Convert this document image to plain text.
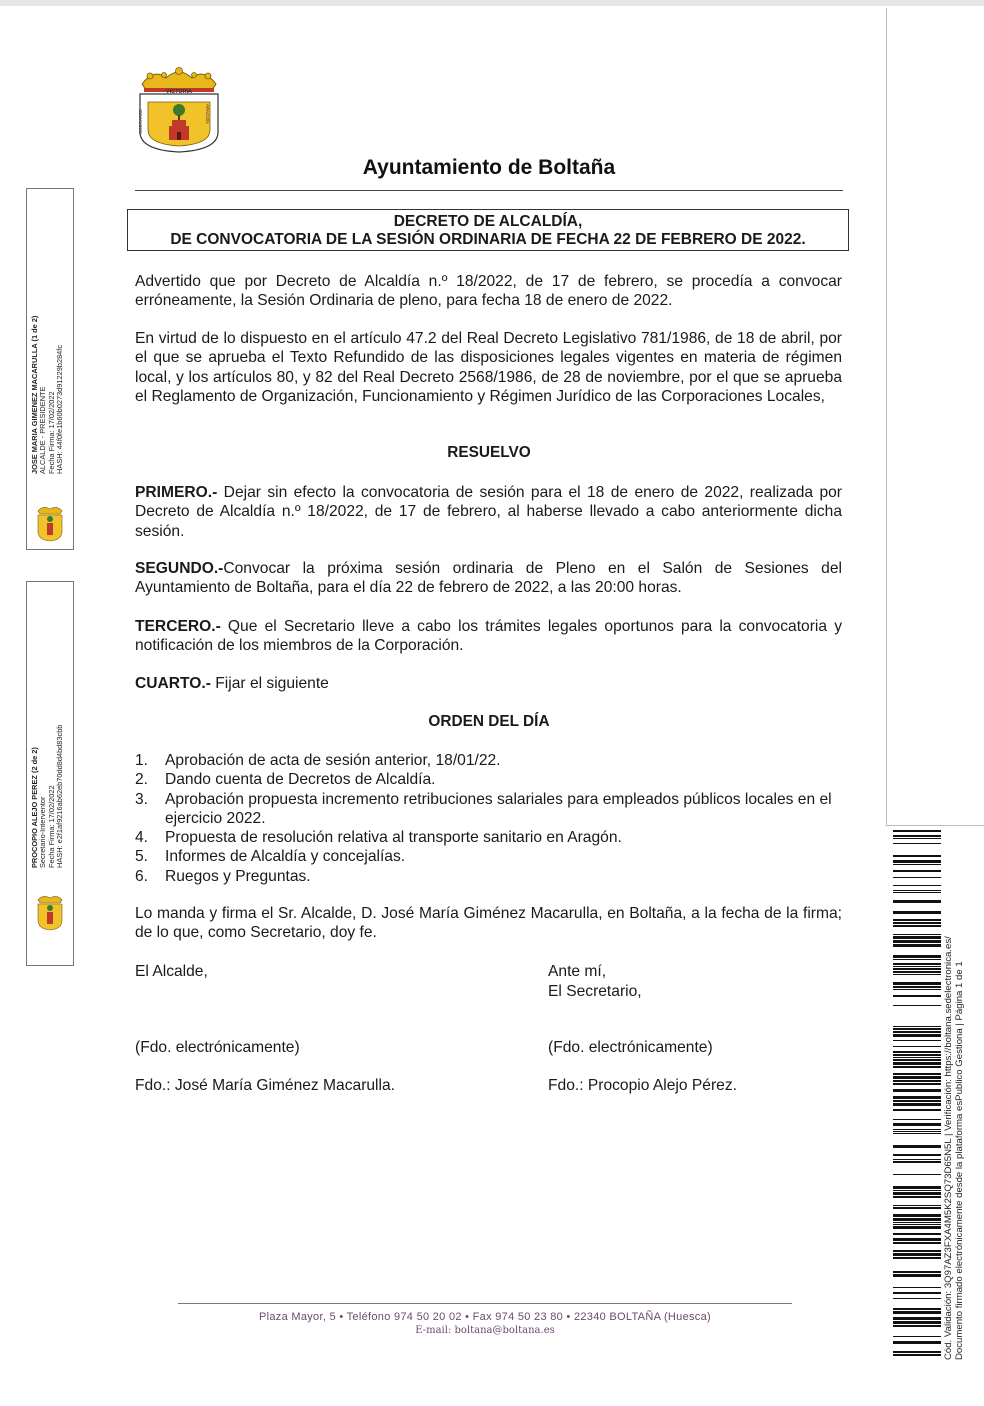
VICTORIA
SOBRARBE	ARAGON
Ayuntamiento de Boltaña
DECRETO DE ALCALDÍA,
DE CONVOCATORIA DE LA SESIÓN ORDINARIA DE FECHA 22 DE FEBRERO DE 2022.
Advertido que por Decreto de Alcaldía n.º 18/2022, de 17 de febrero, se procedía a convocar erróneamente, la Sesión Ordinaria de pleno, para fecha 18 de enero de 2022.
En virtud de lo dispuesto en el artículo 47.2 del Real Decreto Legislativo 781/1986, de 18 de abril, por el que se aprueba el Texto Refundido de las disposiciones legales vigentes en materia de régimen local, y los artículos 80, y 82 del Real Decreto 2568/1986, de 28 de noviembre, por el que se aprueba el Reglamento de Organización, Funcionamiento y Régimen Jurídico de las Corporaciones Locales,
RESUELVO
PRIMERO.- Dejar sin efecto la convocatoria de sesión para el 18 de enero de 2022, realizada por Decreto de Alcaldía n.º 18/2022, de 17 de febrero, al haberse llevado a cabo anteriormente dicha sesión.
SEGUNDO.-Convocar la próxima sesión ordinaria de Pleno en el Salón de Sesiones del Ayuntamiento de Boltaña, para el día 22 de febrero de 2022, a las 20:00 horas.
TERCERO.- Que el Secretario lleve a cabo los trámites legales oportunos para la convocatoria y notificación de los miembros de la Corporación.
CUARTO.- Fijar el siguiente
ORDEN DEL DÍA
1. Aprobación de acta de sesión anterior, 18/01/22.
2. Dando cuenta de Decretos de Alcaldía.
3. Aprobación propuesta incremento retribuciones salariales para empleados públicos locales en el ejercicio 2022.
4. Propuesta de resolución relativa al transporte sanitario en Aragón.
5. Informes de Alcaldía y concejalías.
6. Ruegos y Preguntas.
Lo manda y firma el Sr. Alcalde, D. José María Giménez Macarulla, en Boltaña, a la fecha de la firma; de lo que, como Secretario, doy fe.
El Alcalde,	Ante mí,
El Secretario,
(Fdo. electrónicamente)	(Fdo. electrónicamente)
Fdo.: José María Giménez Macarulla.	Fdo.: Procopio Alejo Pérez.
Plaza Mayor, 5 • Teléfono 974 50 20 02 • Fax 974 50 23 80 • 22340 BOLTAÑA (Huesca)
E-mail: boltana@boltana.es
JOSE MARIA GIMENEZ MACARULLA (1 de 2) ALCALDE - PRESIDENTE Fecha Firma: 17/02/2022 HASH: 44f0fe1b60b0273d91229b284fc
PROCOPIO ALEJO PEREZ (2 de 2) Secretario-Interventor Fecha Firma: 17/02/2022 HASH: e2f1af9216ab62eb70dd8d4bd83cbb
Cód. Validación: 3Q97AZ3FXA4M5K2SQ73D65N5L | Verificación: https://boltana.sedelectronica.es/ Documento firmado electrónicamente desde la plataforma esPublico Gestiona | Página 1 de 1
